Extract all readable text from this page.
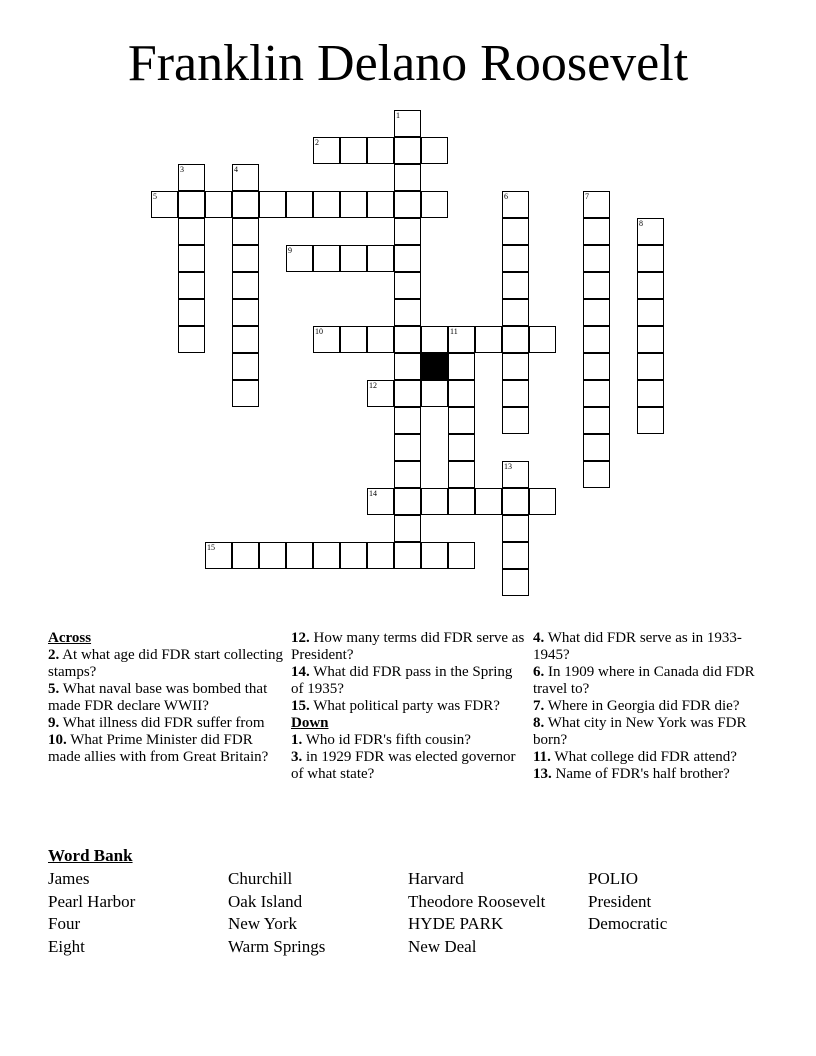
Franklin Delano Roosevelt
1
2
3	4
5	6	7
8
9
10	11
12
13
14
15
Across
2. At what age did FDR start collecting stamps?
5. What naval base was bombed that made FDR declare WWII?
9. What illness did FDR suffer from
10. What Prime Minister did FDR made allies with from Great Britain?
12. How many terms did FDR serve as President?
14. What did FDR pass in the Spring of 1935?
15. What political party was FDR?
Down
1. Who id FDR's fifth cousin?
3. in 1929 FDR was elected governor of what state?
4. What did FDR serve as in 1933-1945?
6. In 1909 where in Canada did FDR travel to?
7. Where in Georgia did FDR die?
8. What city in New York was FDR born?
11. What college did FDR attend?
13. Name of FDR's half brother?
Word Bank
James	Churchill	Harvard	POLIO
Pearl Harbor	Oak Island	Theodore Roosevelt	President
Four	New York	HYDE PARK	Democratic
Eight	Warm Springs	New Deal
